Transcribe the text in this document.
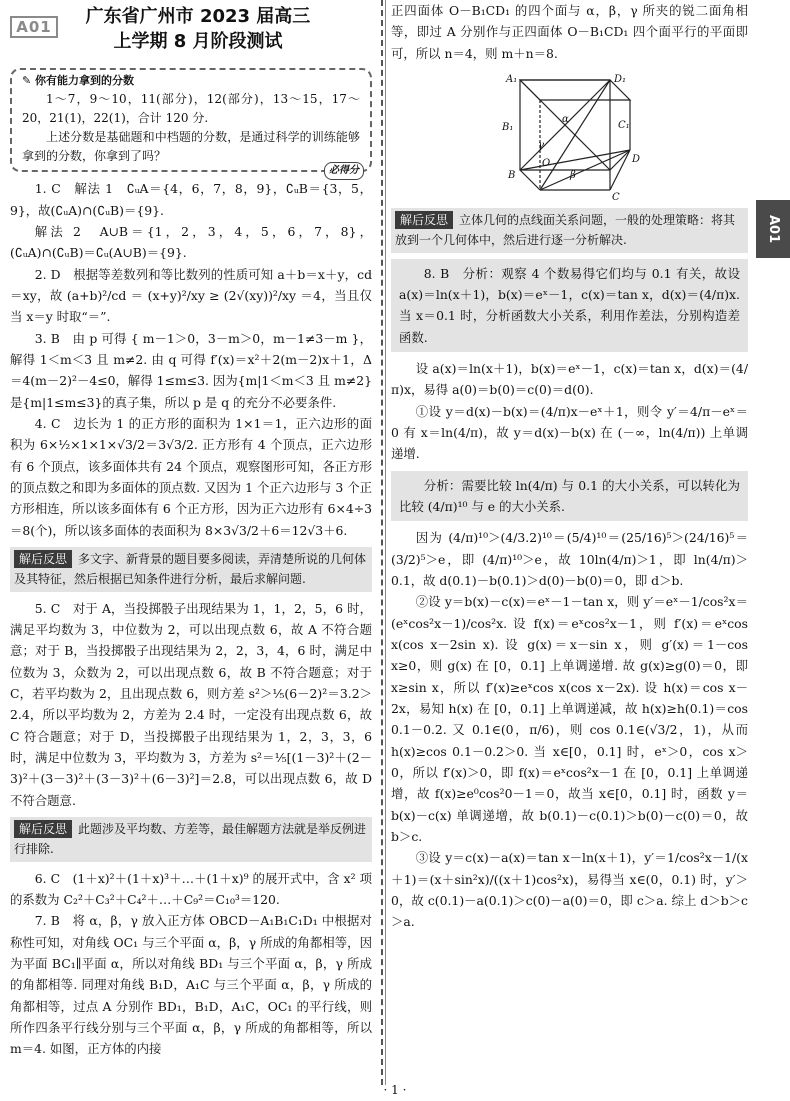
A01	广东省广州市 2023 届高三
上学期 8 月阶段测试

✎ 你有能力拿到的分数

1～7，9～10，11(部分)，12(部分)，13～15，17～20，21(1)，22(1)，合计 120 分.

上述分数是基础题和中档题的分数，是通过科学的训练能够拿到的分数，你拿到了吗？

必得分

1. C　解法 1　∁ᵤA＝{4，6，7，8，9}，∁ᵤB＝{3，5，9}，故(∁ᵤA)∩(∁ᵤB)＝{9}.

解法 2　A∪B＝{1，2，3，4，5，6，7，8}，(∁ᵤA)∩(∁ᵤB)＝∁ᵤ(A∪B)＝{9}.

2. D　根据等差数列和等比数列的性质可知 a＋b＝x＋y，cd＝xy，故 (a+b)²/cd ＝ (x+y)²/xy ≥ (2√(xy))²/xy ＝4，当且仅当 x＝y 时取“＝”.

3. B　由 p 可得 { m－1＞0，3－m＞0，m－1≠3－m }，解得 1＜m＜3 且 m≠2. 由 q 可得 f′(x)＝x²＋2(m－2)x＋1，Δ＝4(m－2)²－4≤0，解得 1≤m≤3. 因为{m|1＜m＜3 且 m≠2}是{m|1≤m≤3}的真子集，所以 p 是 q 的充分不必要条件.

4. C　边长为 1 的正方形的面积为 1×1＝1，正六边形的面积为 6×½×1×1×√3/2＝3√3/2. 正方形有 4 个顶点，正六边形有 6 个顶点，该多面体共有 24 个顶点，观察图形可知，各正方形的顶点数之和即为多面体的顶点数. 又因为 1 个正六边形与 3 个正方形相连，所以该多面体有 6 个正方形，因为正六边形有 6×4÷3＝8(个)，所以该多面体的表面积为 8×3√3/2＋6＝12√3＋6.

解后反思 多文字、新背景的题目要多阅读，弄清楚所说的几何体及其特征，然后根据已知条件进行分析，最后求解问题.

5. C　对于 A，当投掷骰子出现结果为 1，1，2，5，6 时，满足平均数为 3，中位数为 2，可以出现点数 6，故 A 不符合题意；对于 B，当投掷骰子出现结果为 2，2，3，4，6 时，满足中位数为 3，众数为 2，可以出现点数 6，故 B 不符合题意；对于 C，若平均数为 2，且出现点数 6，则方差 s²＞⅕(6－2)²＝3.2＞2.4，所以平均数为 2，方差为 2.4 时，一定没有出现点数 6，故 C 符合题意；对于 D，当投掷骰子出现结果为 1，2，3，3，6 时，满足中位数为 3，平均数为 3，方差为 s²＝⅕[(1－3)²＋(2－3)²＋(3－3)²＋(3－3)²＋(6－3)²]＝2.8，可以出现点数 6，故 D 不符合题意.

解后反思 此题涉及平均数、方差等，最佳解题方法就是举反例进行排除.

6. C　(1＋x)²＋(1＋x)³＋…＋(1＋x)⁹ 的展开式中，含 x² 项的系数为 C₂²＋C₃²＋C₄²＋…＋C₉²＝C₁₀³＝120.

7. B　将 α，β，γ 放入正方体 OBCD－A₁B₁C₁D₁ 中根据对称性可知，对角线 OC₁ 与三个平面 α，β，γ 所成的角都相等，因为平面 BC₁∥平面 α，所以对角线 BD₁ 与三个平面 α，β，γ 所成的角都相等. 同理对角线 B₁D，A₁C 与三个平面 α，β，γ 所成的角都相等，过点 A 分别作 BD₁，B₁D，A₁C，OC₁ 的平行线，则所作四条平行线分别与三个平面 α，β，γ 所成的角都相等，所以 m＝4. 如图，正方体的内接

正四面体 O－B₁CD₁ 的四个面与 α，β，γ 所夹的锐二面角相等，即过 A 分别作与正四面体 O－B₁CD₁ 四个面平行的平面即可，所以 n＝4，则 m＋n＝8.

A₁	D₁
B₁	C₁
O	D
B
C
α
β
γ
解后反思 立体几何的点线面关系问题，一般的处理策略：将其放到一个几何体中，然后进行逐一分析解决.

8. B　分析：观察 4 个数易得它们均与 0.1 有关，故设 a(x)＝ln(x＋1)，b(x)＝eˣ－1，c(x)＝tan x，d(x)＝(4/π)x. 当 x＝0.1 时，分析函数大小关系，利用作差法，分别构造差函数.

设 a(x)＝ln(x＋1)，b(x)＝eˣ－1，c(x)＝tan x，d(x)＝(4/π)x，易得 a(0)＝b(0)＝c(0)＝d(0).

①设 y＝d(x)－b(x)＝(4/π)x－eˣ＋1，则令 y′＝4/π－eˣ＝0 有 x＝ln(4/π)，故 y＝d(x)－b(x) 在 (－∞，ln(4/π)) 上单调递增.

分析：需要比较 ln(4/π) 与 0.1 的大小关系，可以转化为比较 (4/π)¹⁰ 与 e 的大小关系.

因为 (4/π)¹⁰＞(4/3.2)¹⁰＝(5/4)¹⁰＝(25/16)⁵＞(24/16)⁵＝(3/2)⁵＞e，即 (4/π)¹⁰＞e，故 10ln(4/π)＞1，即 ln(4/π)＞0.1，故 d(0.1)－b(0.1)＞d(0)－b(0)＝0，即 d＞b.

②设 y＝b(x)－c(x)＝eˣ－1－tan x，则 y′＝eˣ－1/cos²x＝(eˣcos²x－1)/cos²x. 设 f(x)＝eˣcos²x－1，则 f′(x)＝eˣcos x(cos x－2sin x). 设 g(x)＝x－sin x，则 g′(x)＝1－cos x≥0，则 g(x) 在 [0，0.1] 上单调递增. 故 g(x)≥g(0)＝0，即 x≥sin x，所以 f′(x)≥eˣcos x(cos x－2x). 设 h(x)＝cos x－2x，易知 h(x) 在 [0，0.1] 上单调递减，故 h(x)≥h(0.1)＝cos 0.1－0.2. 又 0.1∈(0，π/6)，则 cos 0.1∈(√3/2，1)，从而 h(x)≥cos 0.1－0.2＞0. 当 x∈[0，0.1] 时，eˣ＞0，cos x＞0，所以 f′(x)＞0，即 f(x)＝eˣcos²x－1 在 [0，0.1] 上单调递增，故 f(x)≥e⁰cos²0－1＝0，故当 x∈[0，0.1] 时，函数 y＝b(x)－c(x) 单调递增，故 b(0.1)－c(0.1)＞b(0)－c(0)＝0，故 b＞c.

③设 y＝c(x)－a(x)＝tan x－ln(x＋1)，y′＝1/cos²x－1/(x＋1)＝(x＋sin²x)/((x＋1)cos²x)，易得当 x∈(0，0.1) 时，y′＞0，故 c(0.1)－a(0.1)＞c(0)－a(0)＝0，即 c＞a. 综上 d＞b＞c＞a.

A01
· 1 ·
